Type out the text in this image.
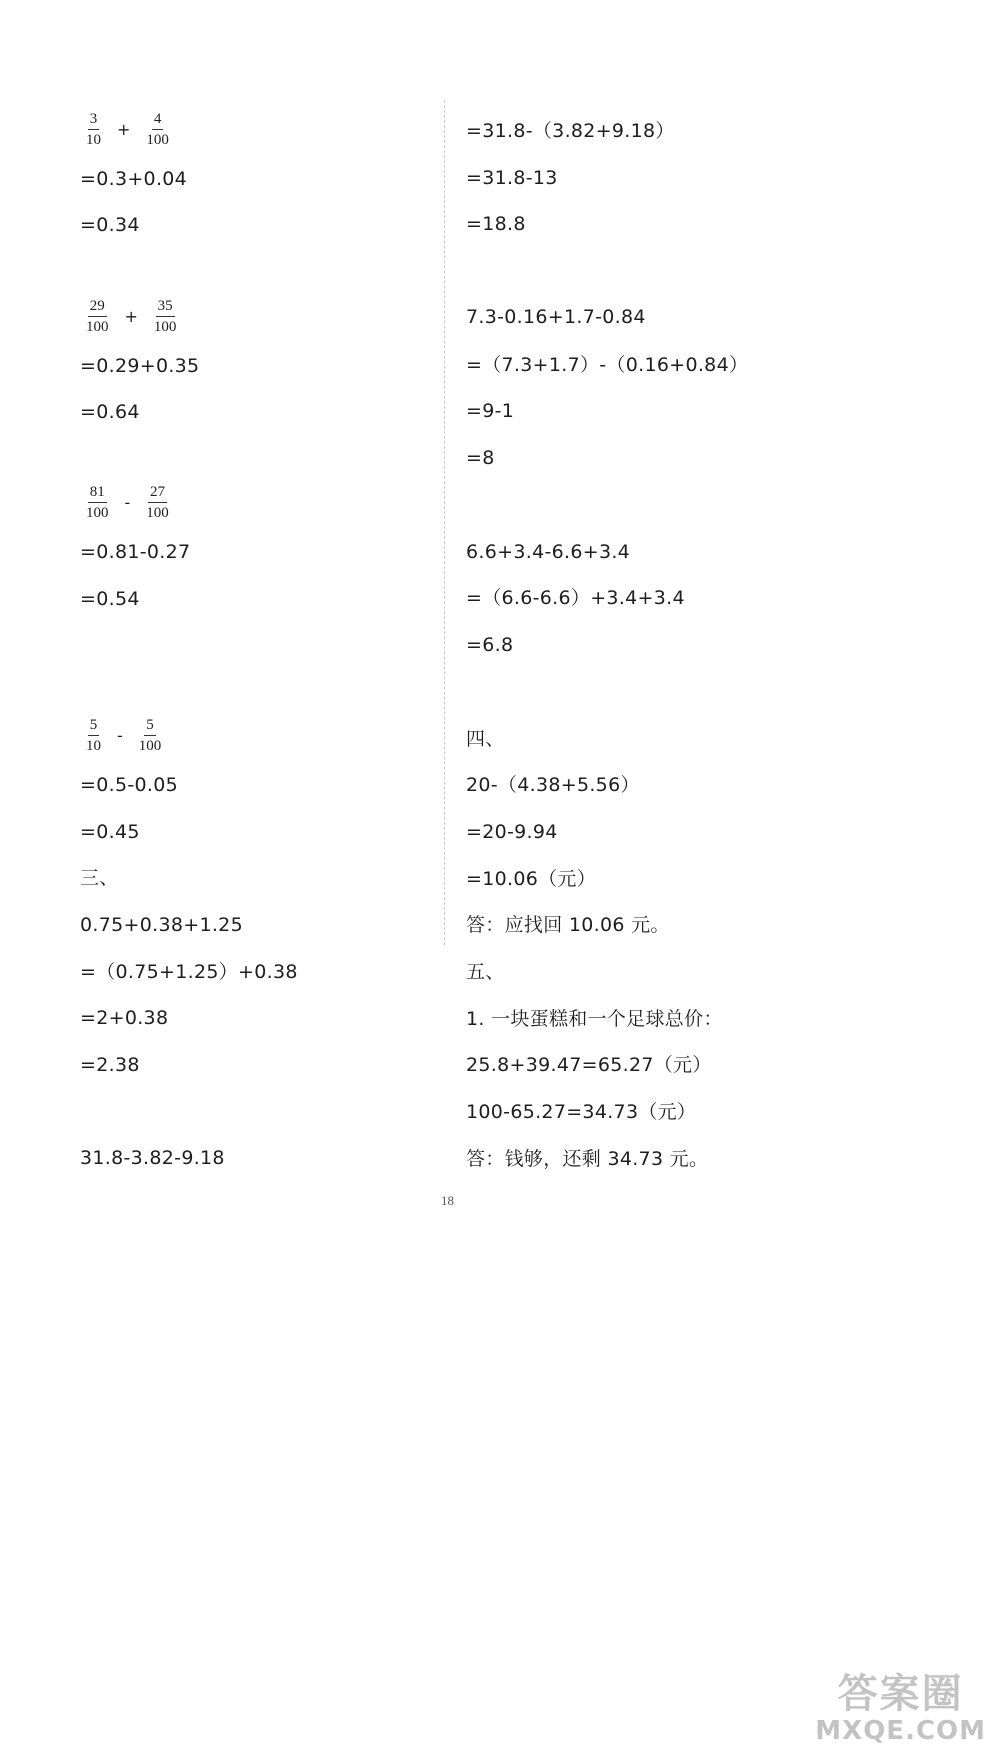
$\frac{3}{10} + \frac{4}{100}$
=0.3+0.04
=0.34
$\frac{29}{100} + \frac{35}{100}$
=0.29+0.35
=0.64
$\frac{81}{100} - \frac{27}{100}$
=0.81-0.27
=0.54
$\frac{5}{10} - \frac{5}{100}$
=0.5-0.05
=0.45
三、
0.75+0.38+1.25
=（0.75+1.25）+0.38
=2+0.38
=2.38
31.8-3.82-9.18
=31.8-（3.82+9.18）
=31.8-13
=18.8
7.3-0.16+1.7-0.84
=（7.3+1.7）-（0.16+0.84）
=9-1
=8
6.6+3.4-6.6+3.4
=（6.6-6.6）+3.4+3.4
=6.8
四、
20-（4.38+5.56）
=20-9.94
=10.06（元）
答：应找回 10.06 元。
五、
1. 一块蛋糕和一个足球总价：
25.8+39.47=65.27（元）
100-65.27=34.73（元）
答：钱够，还剩 34.73 元。
18
答案圈
MXQE.COM
